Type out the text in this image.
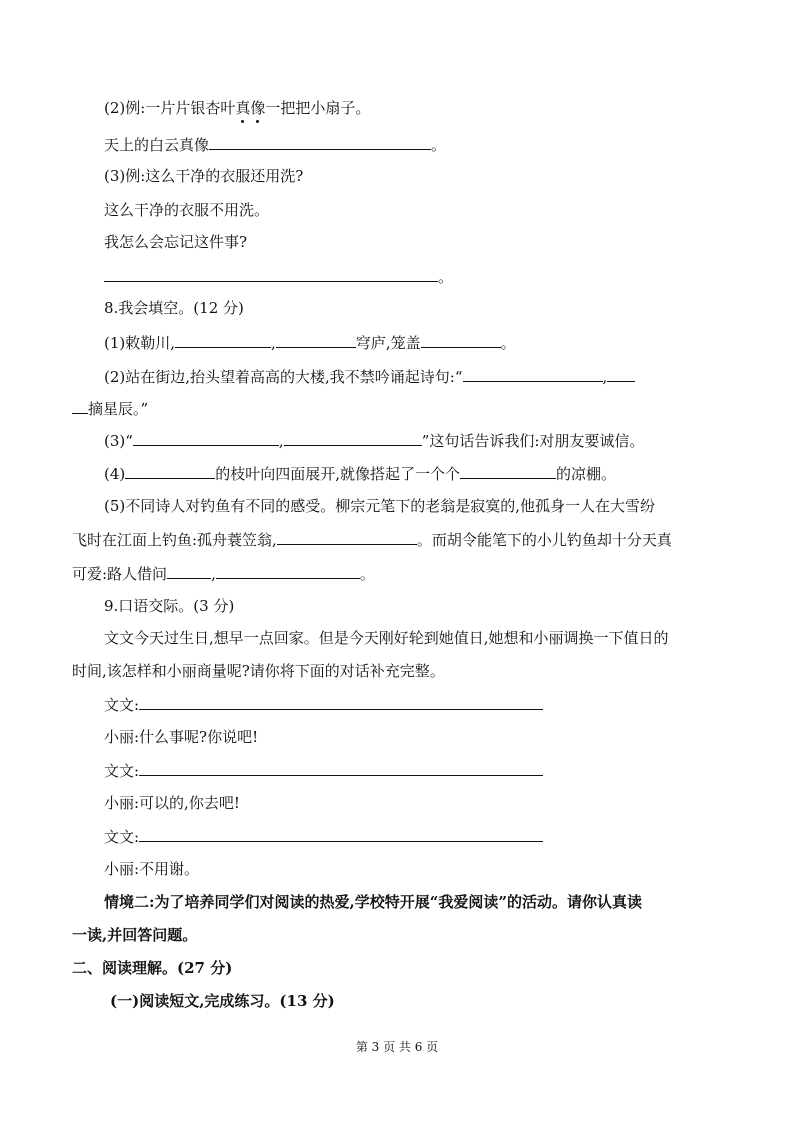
(2)例:一片片银杏叶真像一把把小扇子。
天上的白云真像	。
(3)例:这么干净的衣服还用洗?
这么干净的衣服不用洗。
我怎么会忘记这件事?
。
8.我会填空。(12 分)
(1)敕勒川,	,	穹庐,笼盖	。
(2)站在街边,抬头望着高高的大楼,我不禁吟诵起诗句:“	,
摘星辰。”
(3)“	,	”这句话告诉我们:对朋友要诚信。
(4)	的枝叶向四面展开,就像搭起了一个个	的凉棚。
(5)不同诗人对钓鱼有不同的感受。柳宗元笔下的老翁是寂寞的,他孤身一人在大雪纷
飞时在江面上钓鱼:孤舟蓑笠翁,	。而胡令能笔下的小儿钓鱼却十分天真
可爱:路人借问	,	。
9.口语交际。(3 分)
文文今天过生日,想早一点回家。但是今天刚好轮到她值日,她想和小丽调换一下值日的
时间,该怎样和小丽商量呢?请你将下面的对话补充完整。
文文:
小丽:什么事呢?你说吧!
文文:
小丽:可以的,你去吧!
文文:
小丽:不用谢。
情境二:为了培养同学们对阅读的热爱,学校特开展“我爱阅读”的活动。请你认真读
一读,并回答问题。
二、阅读理解。(27 分)
(一)阅读短文,完成练习。(13 分)
第 3 页 共 6 页
